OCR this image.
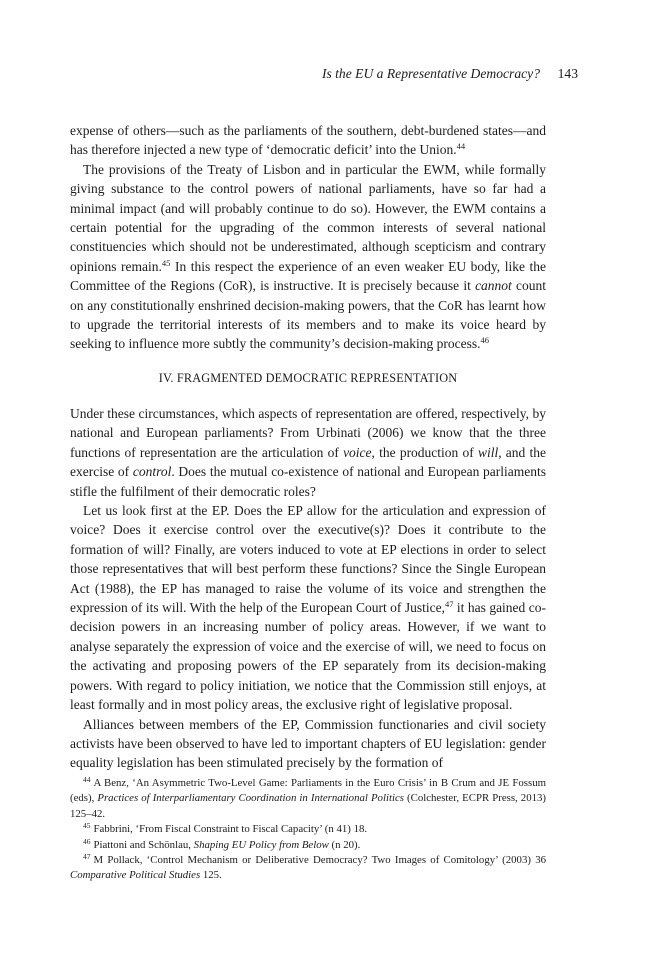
Is the EU a Representative Democracy? 143

expense of others—such as the parliaments of the southern, debt-burdened states—and has therefore injected a new type of ‘democratic deficit’ into the Union.$^{44}$

The provisions of the Treaty of Lisbon and in particular the EWM, while formally giving substance to the control powers of national parliaments, have so far had a minimal impact (and will probably continue to do so). However, the EWM contains a certain potential for the upgrading of the common interests of several national constituencies which should not be underestimated, although scepticism and contrary opinions remain.$^{45}$ In this respect the experience of an even weaker EU body, like the Committee of the Regions (CoR), is instructive. It is precisely because it cannot count on any constitutionally enshrined decision-making powers, that the CoR has learnt how to upgrade the territorial interests of its members and to make its voice heard by seeking to influence more subtly the community’s decision-making process.$^{46}$

IV. FRAGMENTED DEMOCRATIC REPRESENTATION

Under these circumstances, which aspects of representation are offered, respectively, by national and European parliaments? From Urbinati (2006) we know that the three functions of representation are the articulation of voice, the production of will, and the exercise of control. Does the mutual co-existence of national and European parliaments stifle the fulfilment of their democratic roles?

Let us look first at the EP. Does the EP allow for the articulation and expression of voice? Does it exercise control over the executive(s)? Does it contribute to the formation of will? Finally, are voters induced to vote at EP elections in order to select those representatives that will best perform these functions? Since the Single European Act (1988), the EP has managed to raise the volume of its voice and strengthen the expression of its will. With the help of the European Court of Justice,$^{47}$ it has gained co-decision powers in an increasing number of policy areas. However, if we want to analyse separately the expression of voice and the exercise of will, we need to focus on the activating and proposing powers of the EP separately from its decision-making powers. With regard to policy initiation, we notice that the Commission still enjoys, at least formally and in most policy areas, the exclusive right of legislative proposal.

Alliances between members of the EP, Commission functionaries and civil society activists have been observed to have led to important chapters of EU legislation: gender equality legislation has been stimulated precisely by the formation of

$^{44}$ A Benz, ‘An Asymmetric Two-Level Game: Parliaments in the Euro Crisis’ in B Crum and JE Fossum (eds), Practices of Interparliamentary Coordination in International Politics (Colchester, ECPR Press, 2013) 125–42.

$^{45}$ Fabbrini, ‘From Fiscal Constraint to Fiscal Capacity’ (n 41) 18.

$^{46}$ Piattoni and Schönlau, Shaping EU Policy from Below (n 20).

$^{47}$ M Pollack, ‘Control Mechanism or Deliberative Democracy? Two Images of Comitology’ (2003) 36 Comparative Political Studies 125.
